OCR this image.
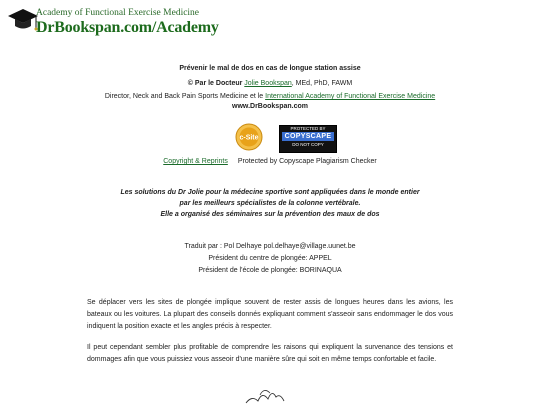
Academy of Functional Exercise Medicine
DrBookspan.com/Academy
Prévenir le mal de dos en cas de longue station assise
© Par le Docteur Jolie Bookspan, MEd, PhD, FAWM
Director, Neck and Back Pain Sports Medicine et le International Academy of Functional Exercise Medicine
www.DrBookspan.com
c-Site
PROTECTED BY
COPYSCAPE
DO NOT COPY
Copyright & Reprints Protected by Copyscape Plagiarism Checker
Les solutions du Dr Jolie pour la médecine sportive sont appliquées dans le monde entier
par les meilleurs spécialistes de la colonne vertébrale.
Elle a organisé des séminaires sur la prévention des maux de dos
Traduit par : Pol Delhaye pol.delhaye@village.uunet.be
Président du centre de plongée: APPEL
Président de l'école de plongée: BORINAQUA
Se déplacer vers les sites de plongée implique souvent de rester assis de longues heures dans les avions, les bateaux ou les voitures. La plupart des conseils donnés expliquant comment s'asseoir sans endommager le dos vous indiquent la position exacte et les angles précis à respecter.
Il peut cependant sembler plus profitable de comprendre les raisons qui expliquent la survenance des tensions et dommages afin que vous puissiez vous asseoir d'une manière sûre qui soit en même temps confortable et facile.
